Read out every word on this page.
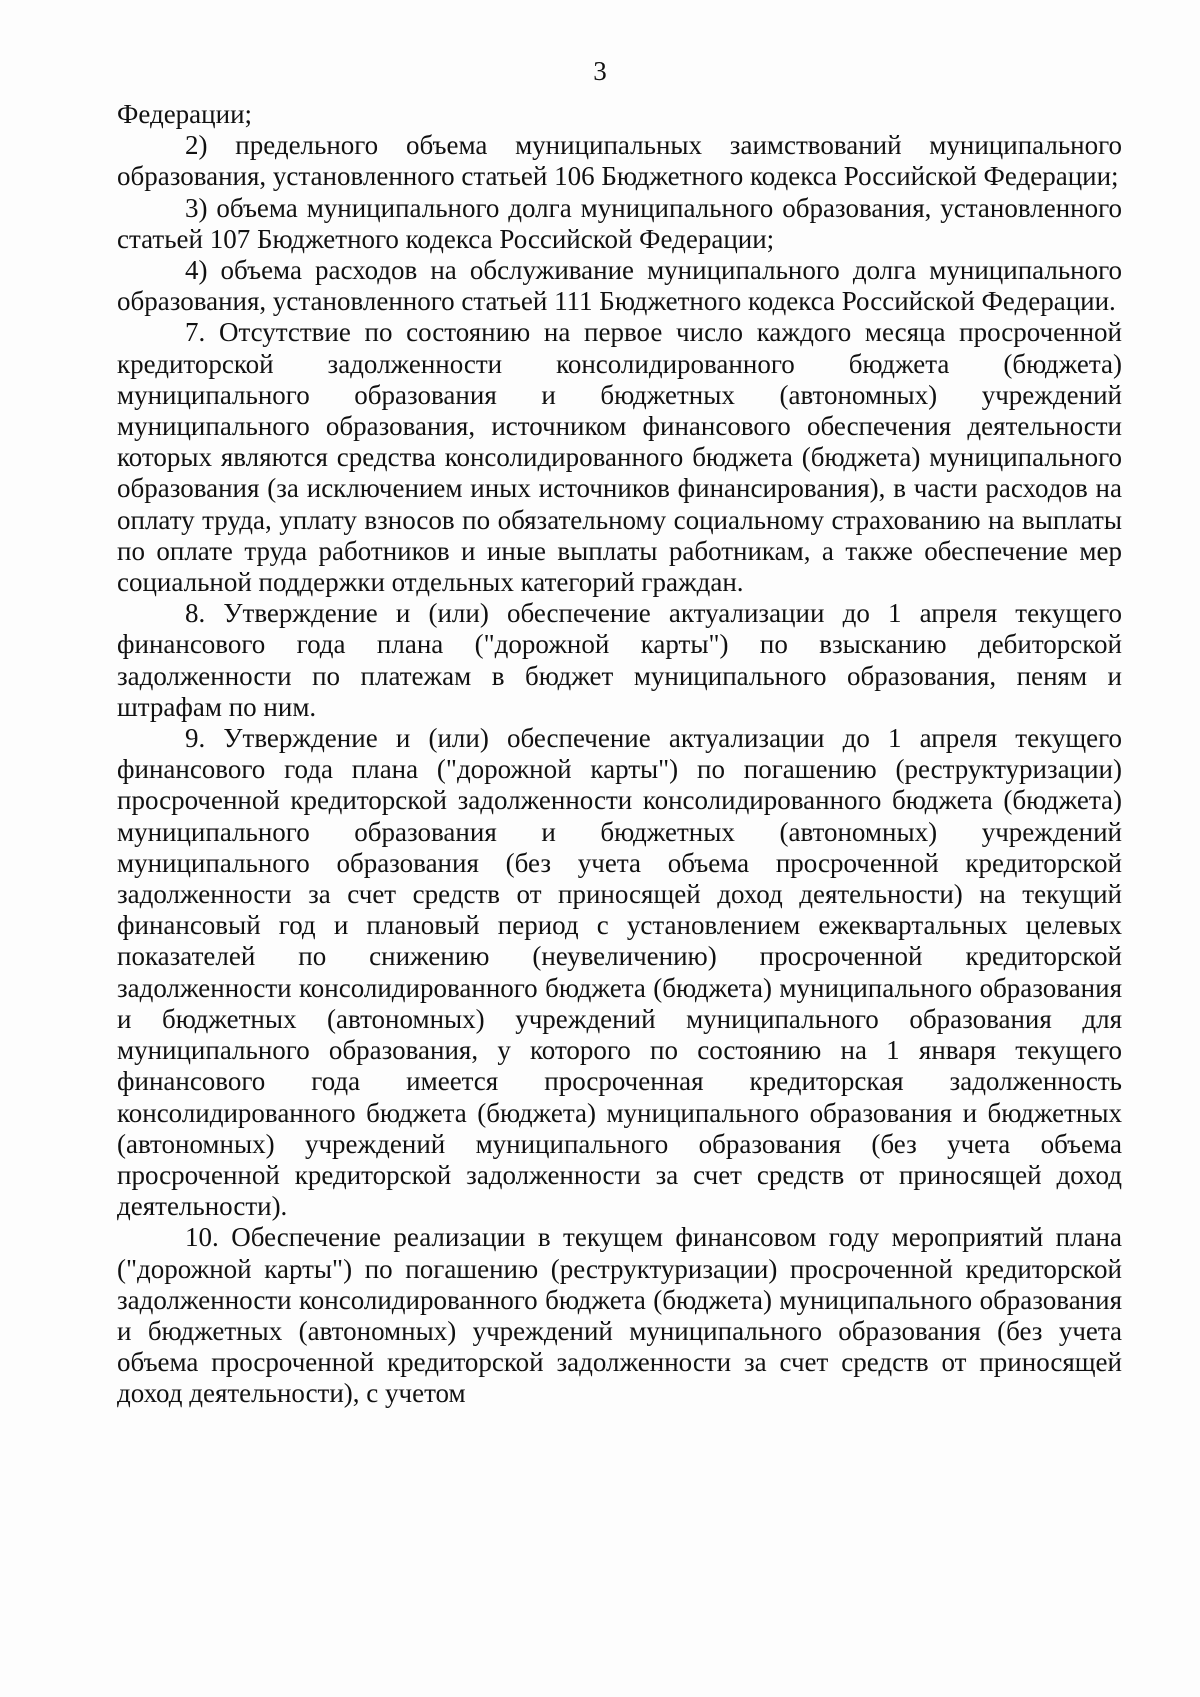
3

Федерации;

2) предельного объема муниципальных заимствований муниципального образования, установленного статьей 106 Бюджетного кодекса Российской Федерации;

3) объема муниципального долга муниципального образования, установленного статьей 107 Бюджетного кодекса Российской Федерации;

4) объема расходов на обслуживание муниципального долга муниципального образования, установленного статьей 111 Бюджетного кодекса Российской Федерации.

7. Отсутствие по состоянию на первое число каждого месяца просроченной кредиторской задолженности консолидированного бюджета (бюджета) муниципального образования и бюджетных (автономных) учреждений муниципального образования, источником финансового обеспечения деятельности которых являются средства консолидированного бюджета (бюджета) муниципального образования (за исключением иных источников финансирования), в части расходов на оплату труда, уплату взносов по обязательному социальному страхованию на выплаты по оплате труда работников и иные выплаты работникам, а также обеспечение мер социальной поддержки отдельных категорий граждан.

8. Утверждение и (или) обеспечение актуализации до 1 апреля текущего финансового года плана ("дорожной карты") по взысканию дебиторской задолженности по платежам в бюджет муниципального образования, пеням и штрафам по ним.

9. Утверждение и (или) обеспечение актуализации до 1 апреля текущего финансового года плана ("дорожной карты") по погашению (реструктуризации) просроченной кредиторской задолженности консолидированного бюджета (бюджета) муниципального образования и бюджетных (автономных) учреждений муниципального образования (без учета объема просроченной кредиторской задолженности за счет средств от приносящей доход деятельности) на текущий финансовый год и плановый период с установлением ежеквартальных целевых показателей по снижению (неувеличению) просроченной кредиторской задолженности консолидированного бюджета (бюджета) муниципального образования и бюджетных (автономных) учреждений муниципального образования для муниципального образования, у которого по состоянию на 1 января текущего финансового года имеется просроченная кредиторская задолженность консолидированного бюджета (бюджета) муниципального образования и бюджетных (автономных) учреждений муниципального образования (без учета объема просроченной кредиторской задолженности за счет средств от приносящей доход деятельности).

10. Обеспечение реализации в текущем финансовом году мероприятий плана ("дорожной карты") по погашению (реструктуризации) просроченной кредиторской задолженности консолидированного бюджета (бюджета) муниципального образования и бюджетных (автономных) учреждений муниципального образования (без учета объема просроченной кредиторской задолженности за счет средств от приносящей доход деятельности), с учетом
